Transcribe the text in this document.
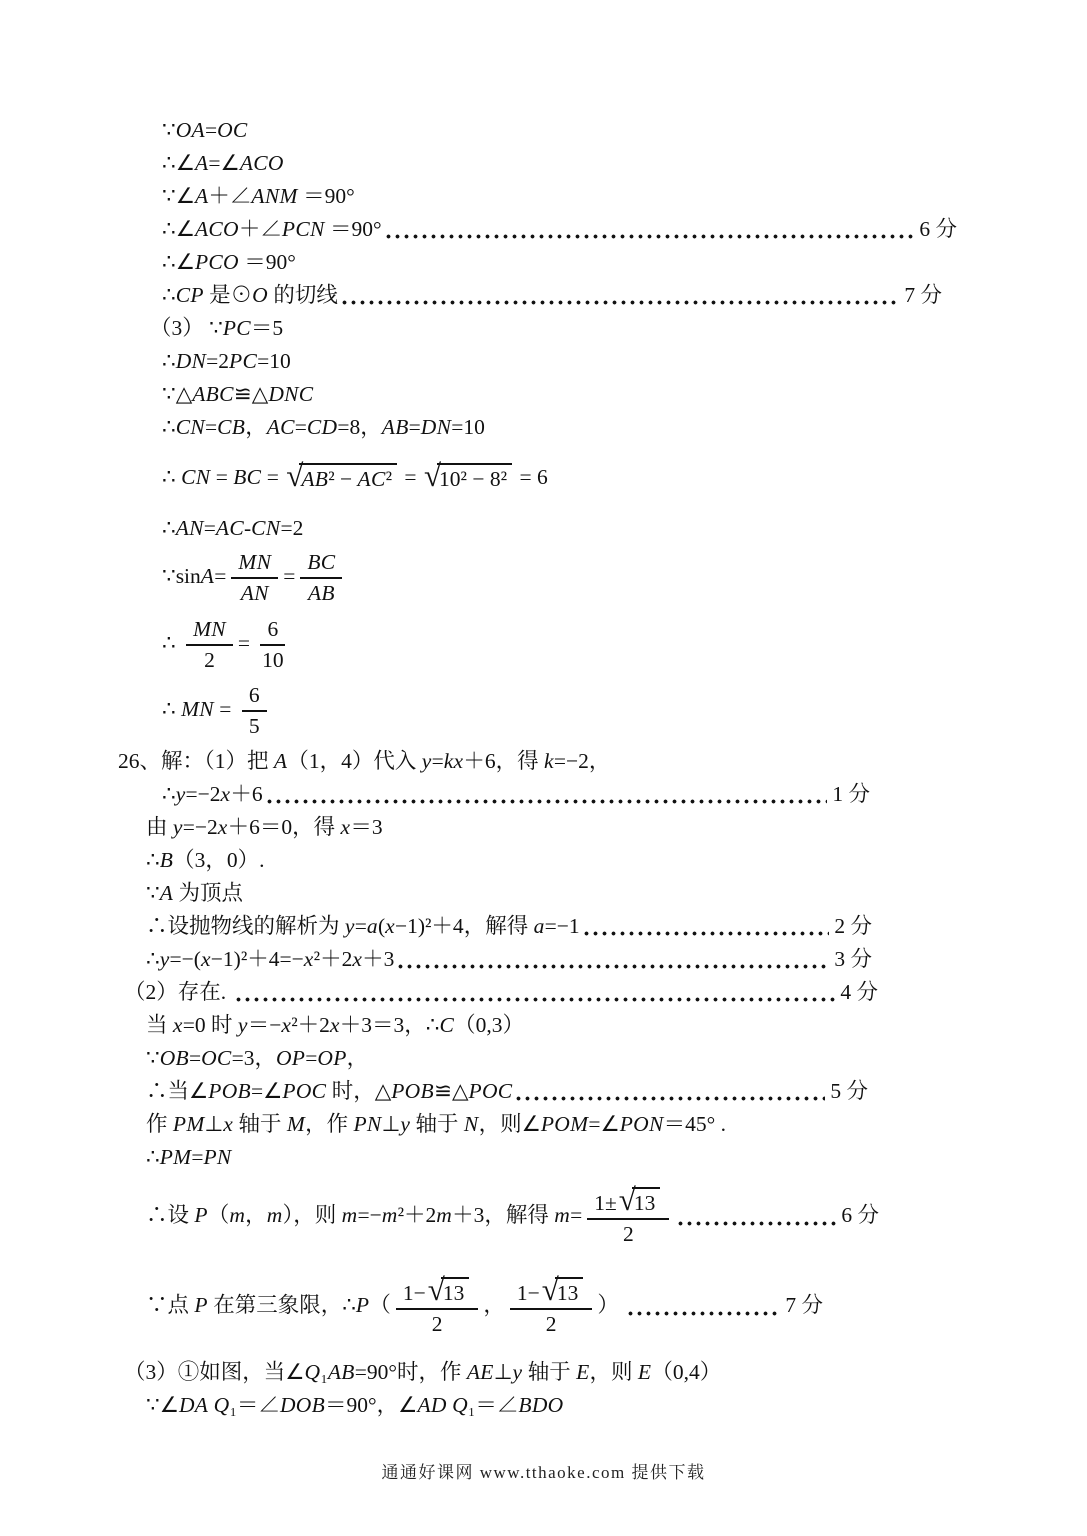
∵ OA=OC
∴ ∠A=∠ACO
∵ ∠A＋∠ANM ＝90°
∴ ∠ACO＋∠PCN ＝90°	6 分
∴ ∠PCO ＝90°
∴ CP 是⊙ O 的切线	7 分
（3） ∵ PC＝5
∴ DN=2PC=10
∵ △ABC≌△DNC
∴ CN=CB，AC=CD=8，AB=DN=10
∴ CN = BC = √
AB² − AC² = √
10² − 8² = 6
∴ AN=AC-CN=2
∵ $\sin A= \frac{MN}{AN} = \frac{BC}{AB}$
∴ $\frac{MN}{2} = \frac{6}{10}$
∴ MN = $\frac{6}{5}$
26、解：（1）把 A （1，4）代入 y=kx＋6 ，得 k=−2 ，
∴ y=−2x＋6	1 分
由 y=−2x＋6＝0 ，得 x＝3
∴ B （3，0）.
∵ A 为顶点
∴设抛物线的解析为 y=a(x−1)²＋4 ，解得 a=−1	2 分
∴ y=−(x−1)²＋4=−x²＋2x＋3	3 分
（2）存在.	4 分
当 x=0 时 y＝−x²＋2x＋3＝3 ， ∴ C （0,3）
∵ OB=OC=3 ， OP=OP ，
∴当 ∠POB=∠POC 时， △POB≌△POC	5 分
作 PM⊥x 轴于 M ，作 PN⊥y 轴于 N ，则 ∠POM=∠PON＝45° .
∴ PM=PN
∴设 P （ m ， m ），则 m=−m²＋2m＋3 ，解得 m= 1± √
13
2	6 分
∵点 P 在第三象限， ∴ P （ 1− √
13
2 ， 1− √
13
2 ）	7 分
（3）①如图，当 ∠Q₁AB=90° 时，作 AE⊥y 轴于 E ，则 E （0,4）
∵ ∠DA Q₁＝∠DOB＝90° ， ∠AD Q₁＝∠BDO
通通好课网 www.tthaoke.com 提供下载
